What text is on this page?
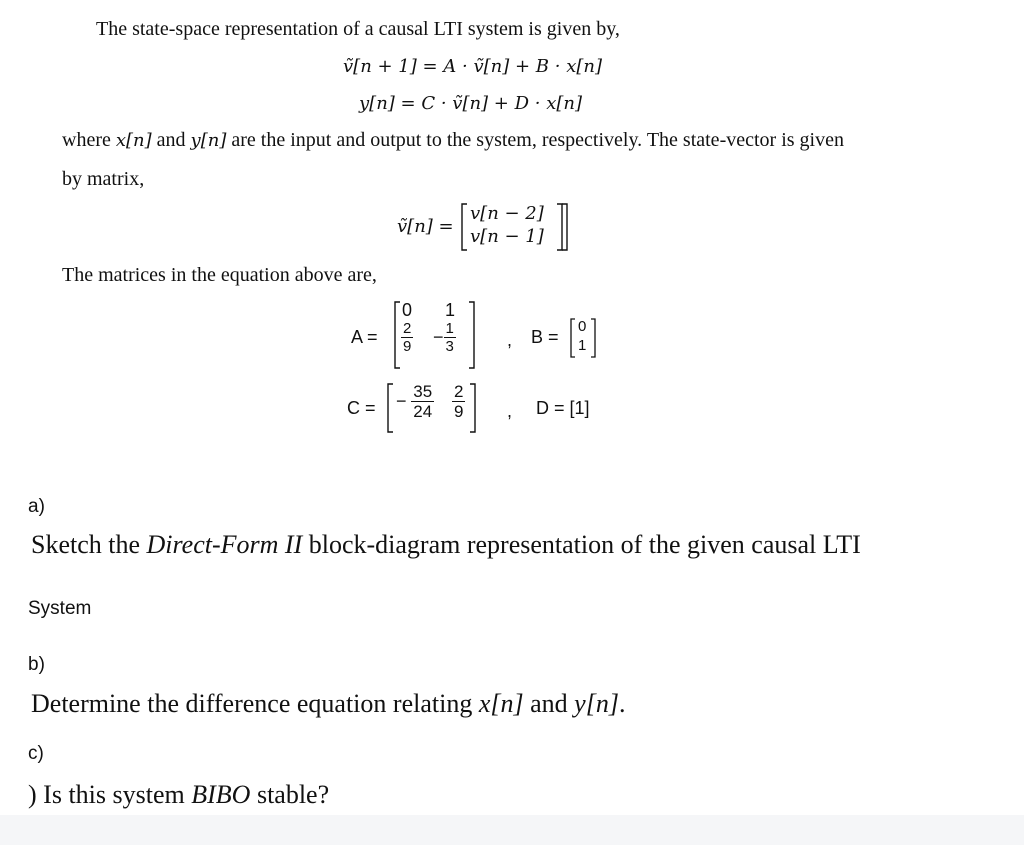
The state-space representation of a causal LTI system is given by,
ṽ[n + 1] = A · ṽ[n] + B · x[n]
y[n] = C · ṽ[n] + D · x[n]
where x[n] and y[n] are the input and output to the system, respectively. The state-vector is given
by matrix,
ṽ[n] =
v[n − 2]
v[n − 1]
The matrices in the equation above are,
A =
0 1
$\frac{2}{9} - \frac{1}{3}$	, B =
0
1
C = − $\frac{35}{24} \frac{2}{9}$ , D = [1]
a)
Sketch the Direct-Form II block-diagram representation of the given causal LTI
System
b)
Determine the difference equation relating x[n] and y[n].
c)
) Is this system BIBO stable?
